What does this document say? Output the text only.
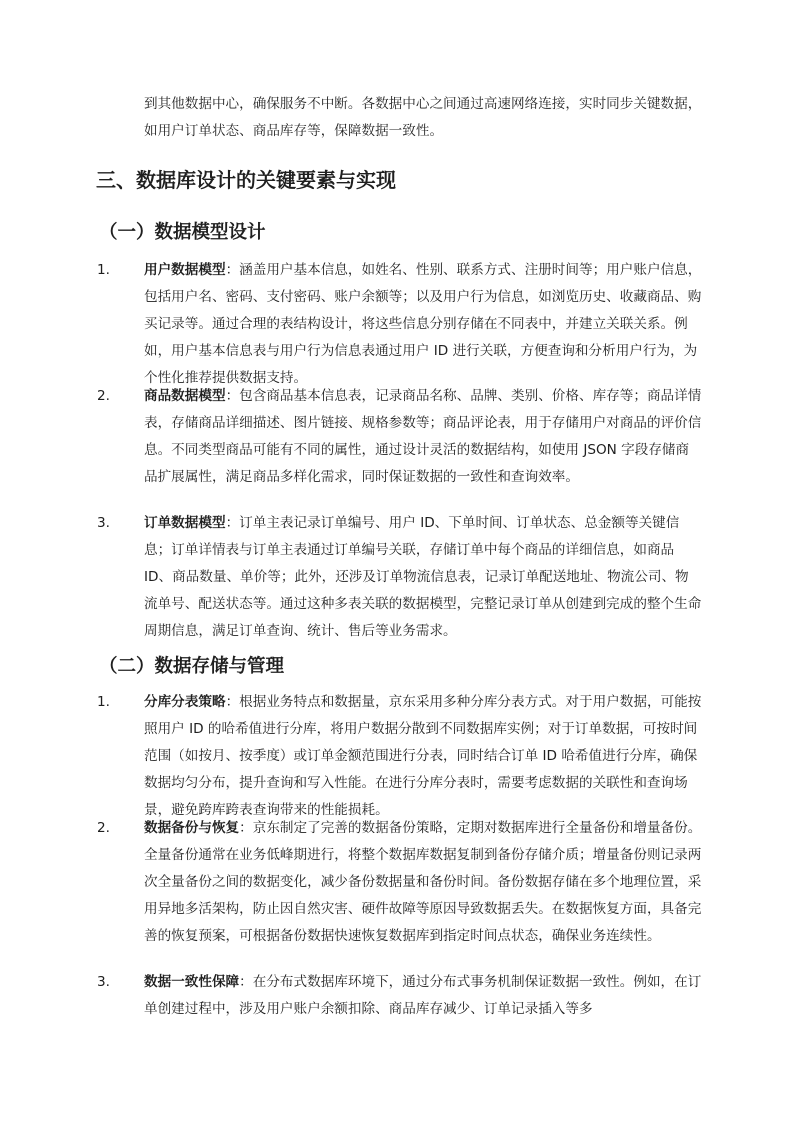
到其他数据中心，确保服务不中断。各数据中心之间通过高速网络连接，实时同步关键数据，如用户订单状态、商品库存等，保障数据一致性。
三、数据库设计的关键要素与实现
（一）数据模型设计
1.	用户数据模型：涵盖用户基本信息，如姓名、性别、联系方式、注册时间等；用户账户信息，包括用户名、密码、支付密码、账户余额等；以及用户行为信息，如浏览历史、收藏商品、购买记录等。通过合理的表结构设计，将这些信息分别存储在不同表中，并建立关联关系。例如，用户基本信息表与用户行为信息表通过用户 ID 进行关联，方便查询和分析用户行为，为个性化推荐提供数据支持。
2.	商品数据模型：包含商品基本信息表，记录商品名称、品牌、类别、价格、库存等；商品详情表，存储商品详细描述、图片链接、规格参数等；商品评论表，用于存储用户对商品的评价信息。不同类型商品可能有不同的属性，通过设计灵活的数据结构，如使用 JSON 字段存储商品扩展属性，满足商品多样化需求，同时保证数据的一致性和查询效率。
3.	订单数据模型：订单主表记录订单编号、用户 ID、下单时间、订单状态、总金额等关键信息；订单详情表与订单主表通过订单编号关联，存储订单中每个商品的详细信息，如商品 ID、商品数量、单价等；此外，还涉及订单物流信息表，记录订单配送地址、物流公司、物流单号、配送状态等。通过这种多表关联的数据模型，完整记录订单从创建到完成的整个生命周期信息，满足订单查询、统计、售后等业务需求。
（二）数据存储与管理
1.	分库分表策略：根据业务特点和数据量，京东采用多种分库分表方式。对于用户数据，可能按照用户 ID 的哈希值进行分库，将用户数据分散到不同数据库实例；对于订单数据，可按时间范围（如按月、按季度）或订单金额范围进行分表，同时结合订单 ID 哈希值进行分库，确保数据均匀分布，提升查询和写入性能。在进行分库分表时，需要考虑数据的关联性和查询场景，避免跨库跨表查询带来的性能损耗。
2.	数据备份与恢复：京东制定了完善的数据备份策略，定期对数据库进行全量备份和增量备份。全量备份通常在业务低峰期进行，将整个数据库数据复制到备份存储介质；增量备份则记录两次全量备份之间的数据变化，减少备份数据量和备份时间。备份数据存储在多个地理位置，采用异地多活架构，防止因自然灾害、硬件故障等原因导致数据丢失。在数据恢复方面，具备完善的恢复预案，可根据备份数据快速恢复数据库到指定时间点状态，确保业务连续性。
3.	数据一致性保障：在分布式数据库环境下，通过分布式事务机制保证数据一致性。例如，在订单创建过程中，涉及用户账户余额扣除、商品库存减少、订单记录插入等多
